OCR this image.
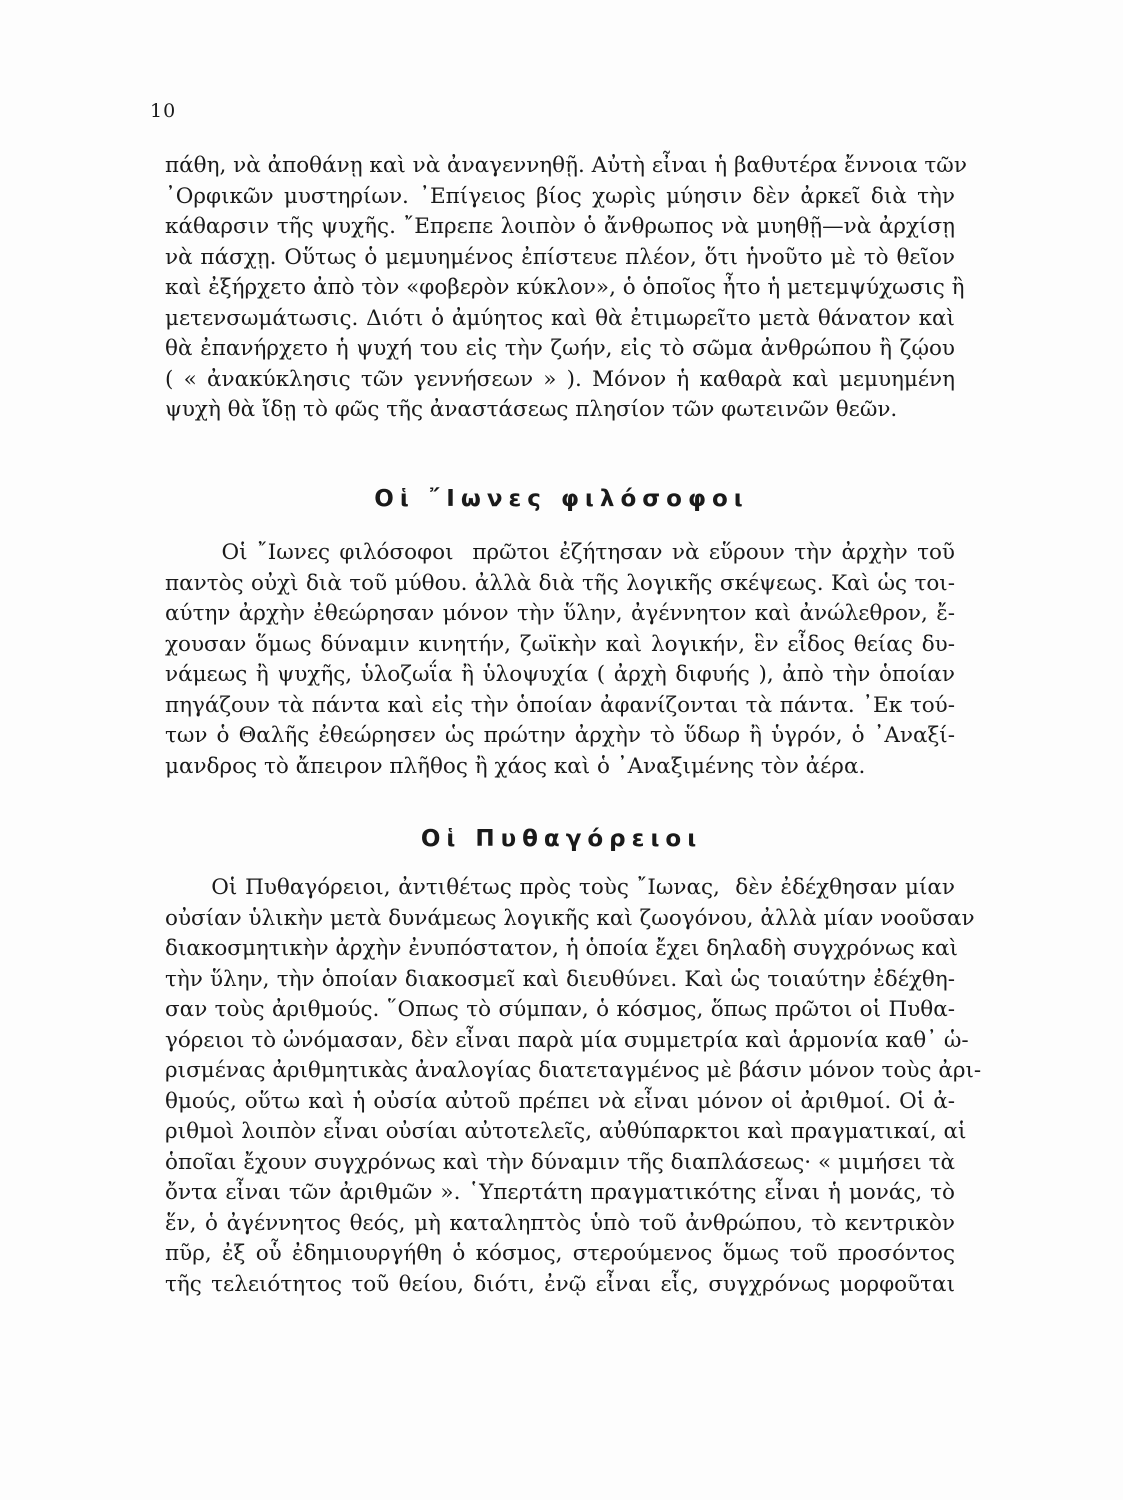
10
πάθη, νὰ ἀποθάνῃ καὶ νὰ ἀναγεννηθῇ. Αὐτὴ εἶναι ἡ βαθυτέρα ἔννοια τῶν
᾿Ορφικῶν μυστηρίων. ᾿Επίγειος βίος χωρὶς μύησιν δὲν ἀρκεῖ διὰ τὴν
κάθαρσιν τῆς ψυχῆς. ῎Επρεπε λοιπὸν ὁ ἄνθρωπος νὰ μυηθῇ—νὰ ἀρχίσῃ
νὰ πάσχῃ. Οὕτως ὁ μεμυημένος ἐπίστευε πλέον, ὅτι ἡνοῦτο μὲ τὸ θεῖον
καὶ ἐξήρχετο ἀπὸ τὸν «φοβερὸν κύκλον», ὁ ὁποῖος ἦτο ἡ μετεμψύχωσις ἢ
μετενσωμάτωσις. Διότι ὁ ἀμύητος καὶ θὰ ἐτιμωρεῖτο μετὰ θάνατον καὶ
θὰ ἐπανήρχετο ἡ ψυχή του εἰς τὴν ζωήν, εἰς τὸ σῶμα ἀνθρώπου ἢ ζῴου
( « ἀνακύκλησις τῶν γεννήσεων » ). Μόνον ἡ καθαρὰ καὶ μεμυημένη
ψυχὴ θὰ ἴδῃ τὸ φῶς τῆς ἀναστάσεως πλησίον τῶν φωτεινῶν θεῶν.
Οἱ ῎Ιωνες φιλόσοφοι
Οἱ ῎Ιωνες φιλόσοφοι  πρῶτοι ἐζήτησαν νὰ εὕρουν τὴν ἀρχὴν τοῦ
παντὸς οὐχὶ διὰ τοῦ μύθου. ἀλλὰ διὰ τῆς λογικῆς σκέψεως. Καὶ ὡς τοι-
αύτην ἀρχὴν ἐθεώρησαν μόνον τὴν ὕλην, ἀγέννητον καὶ ἀνώλεθρον, ἔ-
χουσαν ὅμως δύναμιν κινητήν, ζωϊκὴν καὶ λογικήν, ἓν εἶδος θείας δυ-
νάμεως ἢ ψυχῆς, ὑλοζωΐα ἢ ὑλοψυχία ( ἀρχὴ διφυής ), ἀπὸ τὴν ὁποίαν
πηγάζουν τὰ πάντα καὶ εἰς τὴν ὁποίαν ἀφανίζονται τὰ πάντα. ᾿Εκ τού-
των ὁ Θαλῆς ἐθεώρησεν ὡς πρώτην ἀρχὴν τὸ ὕδωρ ἢ ὑγρόν, ὁ ᾿Αναξί-
μανδρος τὸ ἄπειρον πλῆθος ἢ χάος καὶ ὁ ᾿Αναξιμένης τὸν ἀέρα.
Οἱ Πυθαγόρειοι
Οἱ Πυθαγόρειοι, ἀντιθέτως πρὸς τοὺς ῎Ιωνας,  δὲν ἐδέχθησαν μίαν
οὐσίαν ὑλικὴν μετὰ δυνάμεως λογικῆς καὶ ζωογόνου, ἀλλὰ μίαν νοοῦσαν
διακοσμητικὴν ἀρχὴν ἐνυπόστατον, ἡ ὁποία ἔχει δηλαδὴ συγχρόνως καὶ
τὴν ὕλην, τὴν ὁποίαν διακοσμεῖ καὶ διευθύνει. Καὶ ὡς τοιαύτην ἐδέχθη-
σαν τοὺς ἀριθμούς. ῞Οπως τὸ σύμπαν, ὁ κόσμος, ὅπως πρῶτοι οἱ Πυθα-
γόρειοι τὸ ὠνόμασαν, δὲν εἶναι παρὰ μία συμμετρία καὶ ἁρμονία καθ᾿ ὡ-
ρισμένας ἀριθμητικὰς ἀναλογίας διατεταγμένος μὲ βάσιν μόνον τοὺς ἀρι-
θμούς, οὕτω καὶ ἡ οὐσία αὐτοῦ πρέπει νὰ εἶναι μόνον οἱ ἀριθμοί. Οἱ ἀ-
ριθμοὶ λοιπὸν εἶναι οὐσίαι αὐτοτελεῖς, αὐθύπαρκτοι καὶ πραγματικαί, αἱ
ὁποῖαι ἔχουν συγχρόνως καὶ τὴν δύναμιν τῆς διαπλάσεως· « μιμήσει τὰ
ὄντα εἶναι τῶν ἀριθμῶν ». ῾Υπερτάτη πραγματικότης εἶναι ἡ μονάς, τὸ
ἕν, ὁ ἀγέννητος θεός, μὴ καταληπτὸς ὑπὸ τοῦ ἀνθρώπου, τὸ κεντρικὸν
πῦρ, ἐξ οὗ ἐδημιουργήθη ὁ κόσμος, στερούμενος ὅμως τοῦ προσόντος
τῆς τελειότητος τοῦ θείου, διότι, ἐνῷ εἶναι εἷς, συγχρόνως μορφοῦται
